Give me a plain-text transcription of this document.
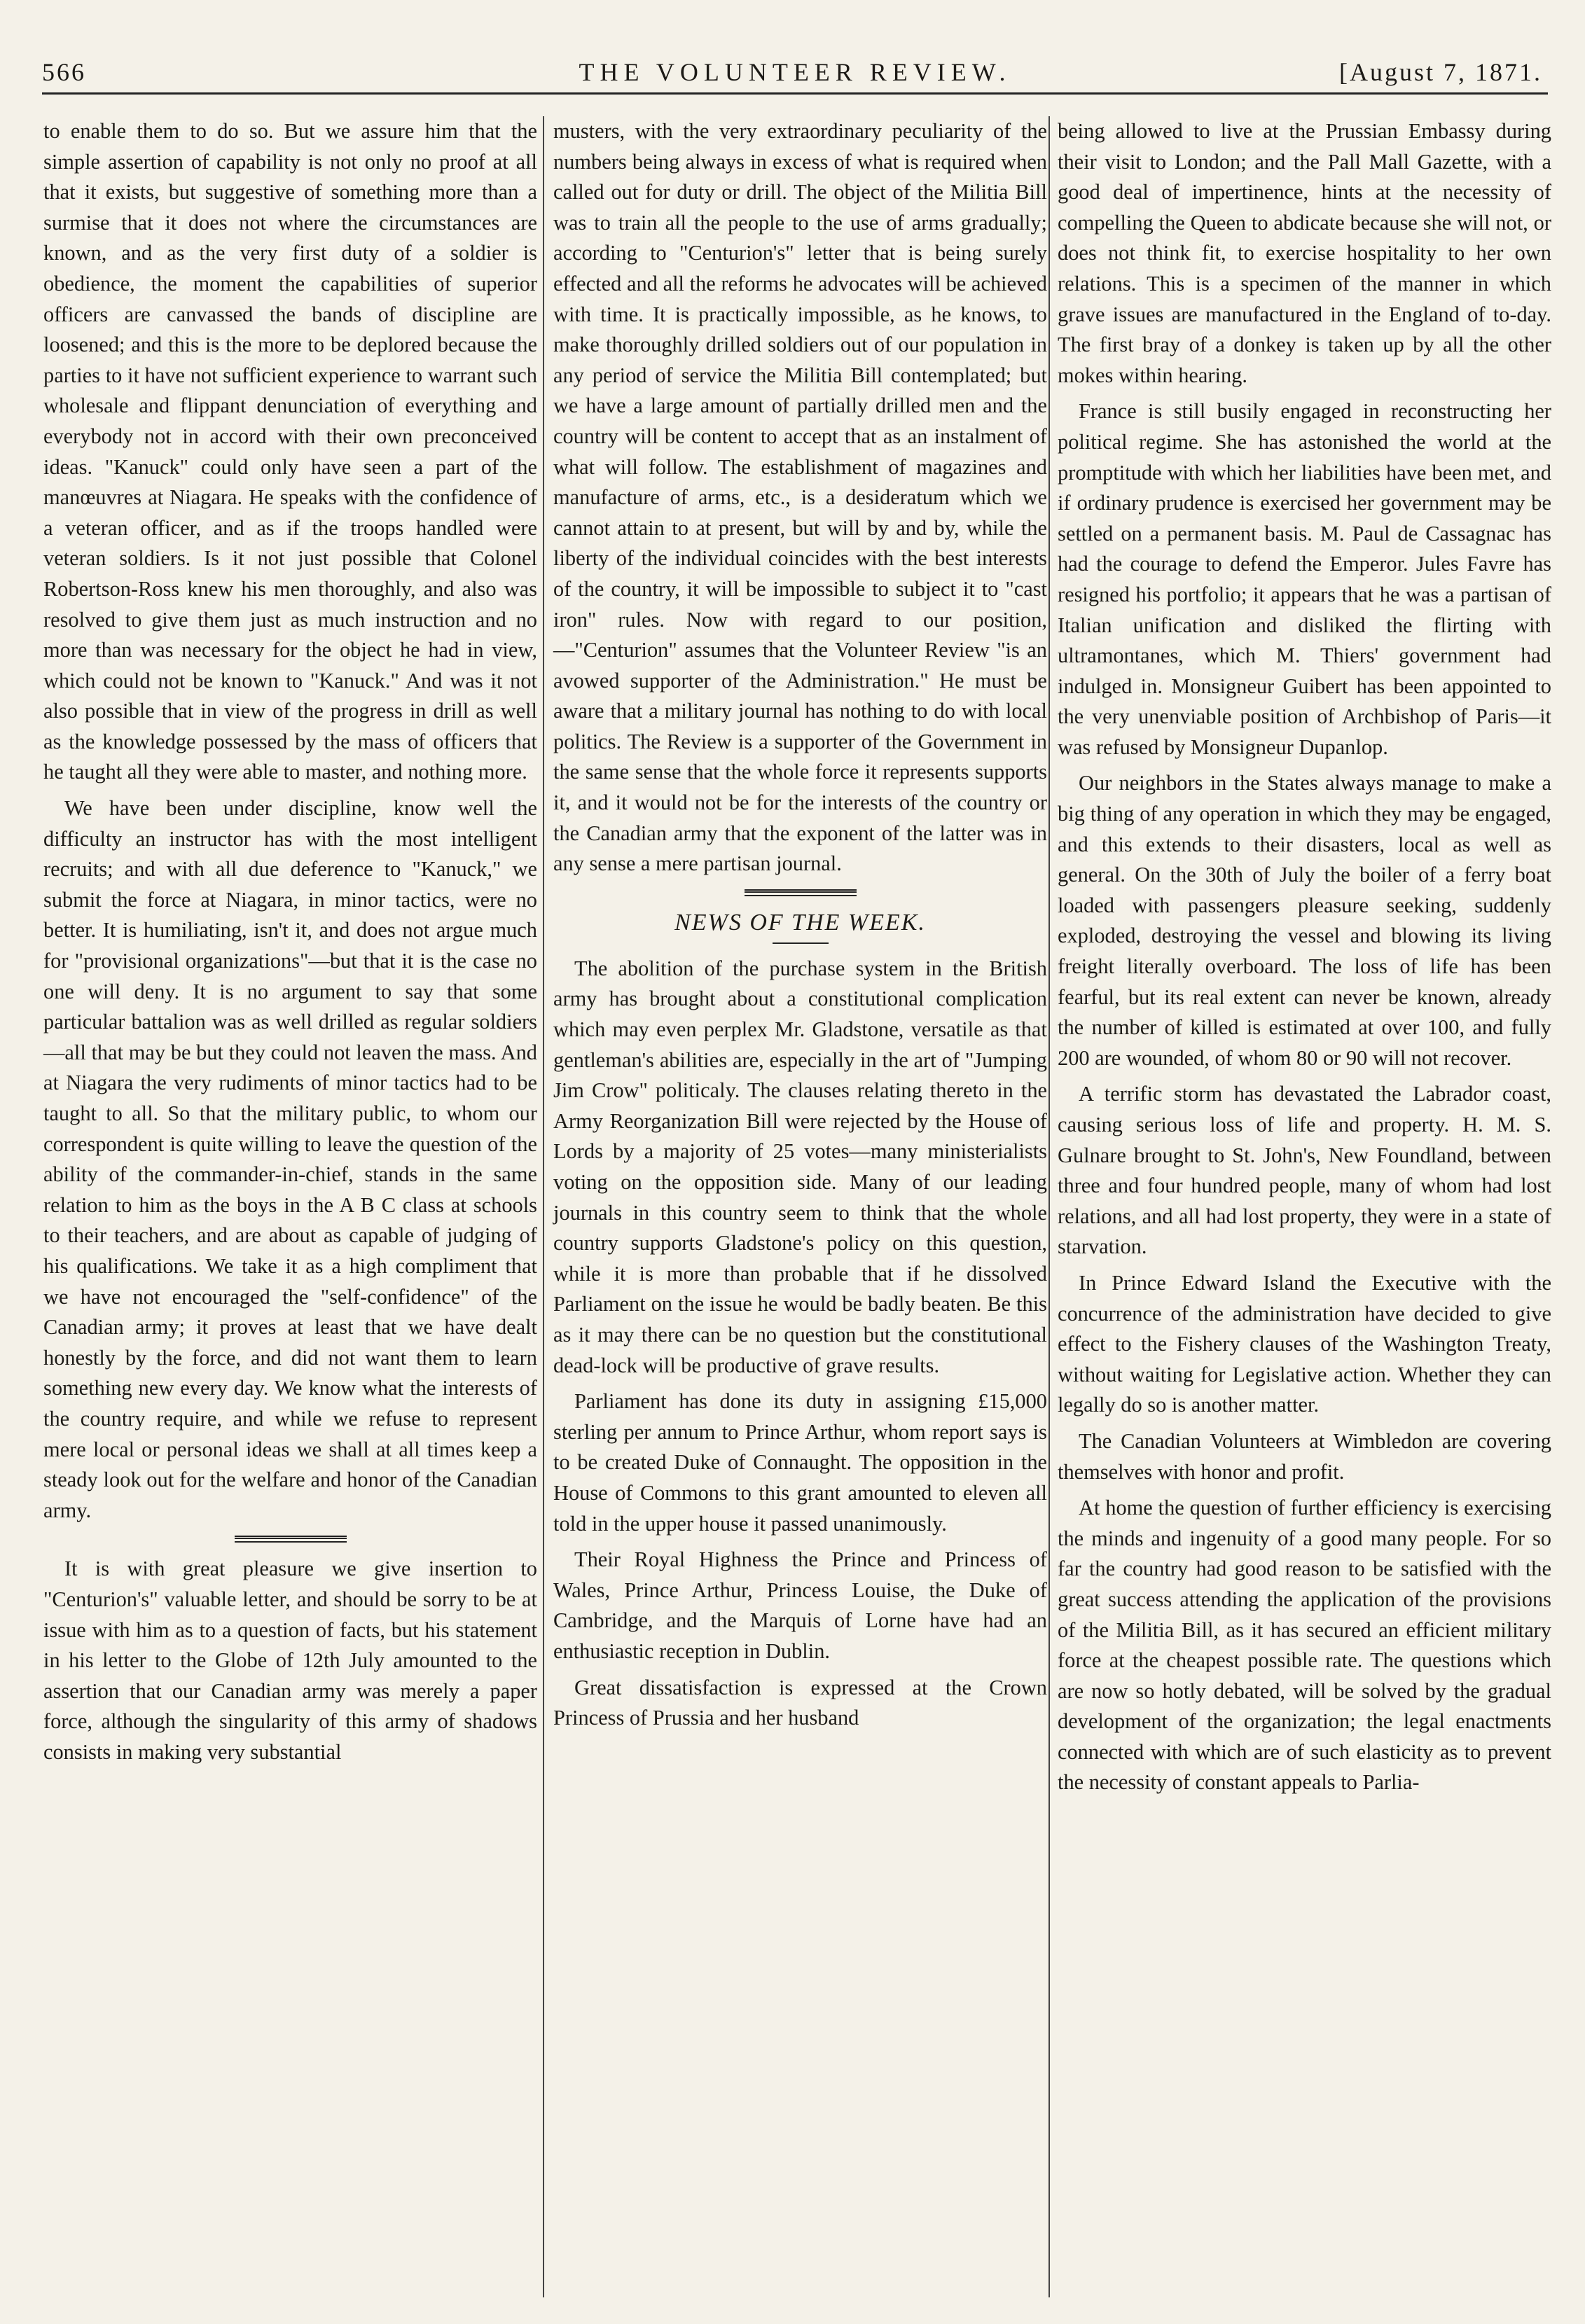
566	THE VOLUNTEER REVIEW.	[August 7, 1871.

to enable them to do so. But we assure him that the simple assertion of capability is not only no proof at all that it exists, but suggestive of something more than a surmise that it does not where the circumstances are known, and as the very first duty of a soldier is obedience, the moment the capabilities of superior officers are canvassed the bands of discipline are loosened; and this is the more to be deplored because the parties to it have not sufficient experience to warrant such wholesale and flippant denunciation of everything and everybody not in accord with their own preconceived ideas. "Kanuck" could only have seen a part of the manœuvres at Niagara. He speaks with the confidence of a veteran officer, and as if the troops handled were veteran soldiers. Is it not just possible that Colonel Robertson-Ross knew his men thoroughly, and also was resolved to give them just as much instruction and no more than was necessary for the object he had in view, which could not be known to "Kanuck." And was it not also possible that in view of the progress in drill as well as the knowledge possessed by the mass of officers that he taught all they were able to master, and nothing more.

We have been under discipline, know well the difficulty an instructor has with the most intelligent recruits; and with all due deference to "Kanuck," we submit the force at Niagara, in minor tactics, were no better. It is humiliating, isn't it, and does not argue much for "provisional organizations"—but that it is the case no one will deny. It is no argument to say that some particular battalion was as well drilled as regular soldiers—all that may be but they could not leaven the mass. And at Niagara the very rudiments of minor tactics had to be taught to all. So that the military public, to whom our correspondent is quite willing to leave the question of the ability of the commander-in-chief, stands in the same relation to him as the boys in the A B C class at schools to their teachers, and are about as capable of judging of his qualifications. We take it as a high compliment that we have not encouraged the "self-confidence" of the Canadian army; it proves at least that we have dealt honestly by the force, and did not want them to learn something new every day. We know what the interests of the country require, and while we refuse to represent mere local or personal ideas we shall at all times keep a steady look out for the welfare and honor of the Canadian army.

It is with great pleasure we give insertion to "Centurion's" valuable letter, and should be sorry to be at issue with him as to a question of facts, but his statement in his letter to the Globe of 12th July amounted to the assertion that our Canadian army was merely a paper force, although the singularity of this army of shadows consists in making very substantial

musters, with the very extraordinary peculiarity of the numbers being always in excess of what is required when called out for duty or drill. The object of the Militia Bill was to train all the people to the use of arms gradually; according to "Centurion's" letter that is being surely effected and all the reforms he advocates will be achieved with time. It is practically impossible, as he knows, to make thoroughly drilled soldiers out of our population in any period of service the Militia Bill contemplated; but we have a large amount of partially drilled men and the country will be content to accept that as an instalment of what will follow. The establishment of magazines and manufacture of arms, etc., is a desideratum which we cannot attain to at present, but will by and by, while the liberty of the individual coincides with the best interests of the country, it will be impossible to subject it to "cast iron" rules. Now with regard to our position,—"Centurion" assumes that the Volunteer Review "is an avowed supporter of the Administration." He must be aware that a military journal has nothing to do with local politics. The Review is a supporter of the Government in the same sense that the whole force it represents supports it, and it would not be for the interests of the country or the Canadian army that the exponent of the latter was in any sense a mere partisan journal.

NEWS OF THE WEEK.

The abolition of the purchase system in the British army has brought about a constitutional complication which may even perplex Mr. Gladstone, versatile as that gentleman's abilities are, especially in the art of "Jumping Jim Crow" politicaly. The clauses relating thereto in the Army Reorganization Bill were rejected by the House of Lords by a majority of 25 votes—many ministerialists voting on the opposition side. Many of our leading journals in this country seem to think that the whole country supports Gladstone's policy on this question, while it is more than probable that if he dissolved Parliament on the issue he would be badly beaten. Be this as it may there can be no question but the constitutional dead-lock will be productive of grave results.

Parliament has done its duty in assigning £15,000 sterling per annum to Prince Arthur, whom report says is to be created Duke of Connaught. The opposition in the House of Commons to this grant amounted to eleven all told in the upper house it passed unanimously.

Their Royal Highness the Prince and Princess of Wales, Prince Arthur, Princess Louise, the Duke of Cambridge, and the Marquis of Lorne have had an enthusiastic reception in Dublin.

Great dissatisfaction is expressed at the Crown Princess of Prussia and her husband

being allowed to live at the Prussian Embassy during their visit to London; and the Pall Mall Gazette, with a good deal of impertinence, hints at the necessity of compelling the Queen to abdicate because she will not, or does not think fit, to exercise hospitality to her own relations. This is a specimen of the manner in which grave issues are manufactured in the England of to-day. The first bray of a donkey is taken up by all the other mokes within hearing.

France is still busily engaged in reconstructing her political regime. She has astonished the world at the promptitude with which her liabilities have been met, and if ordinary prudence is exercised her government may be settled on a permanent basis. M. Paul de Cassagnac has had the courage to defend the Emperor. Jules Favre has resigned his portfolio; it appears that he was a partisan of Italian unification and disliked the flirting with ultramontanes, which M. Thiers' government had indulged in. Monsigneur Guibert has been appointed to the very unenviable position of Archbishop of Paris—it was refused by Monsigneur Dupanlop.

Our neighbors in the States always manage to make a big thing of any operation in which they may be engaged, and this extends to their disasters, local as well as general. On the 30th of July the boiler of a ferry boat loaded with passengers pleasure seeking, suddenly exploded, destroying the vessel and blowing its living freight literally overboard. The loss of life has been fearful, but its real extent can never be known, already the number of killed is estimated at over 100, and fully 200 are wounded, of whom 80 or 90 will not recover.

A terrific storm has devastated the Labrador coast, causing serious loss of life and property. H. M. S. Gulnare brought to St. John's, New Foundland, between three and four hundred people, many of whom had lost relations, and all had lost property, they were in a state of starvation.

In Prince Edward Island the Executive with the concurrence of the administration have decided to give effect to the Fishery clauses of the Washington Treaty, without waiting for Legislative action. Whether they can legally do so is another matter.

The Canadian Volunteers at Wimbledon are covering themselves with honor and profit.

At home the question of further efficiency is exercising the minds and ingenuity of a good many people. For so far the country had good reason to be satisfied with the great success attending the application of the provisions of the Militia Bill, as it has secured an efficient military force at the cheapest possible rate. The questions which are now so hotly debated, will be solved by the gradual development of the organization; the legal enactments connected with which are of such elasticity as to prevent the necessity of constant appeals to Parlia-
